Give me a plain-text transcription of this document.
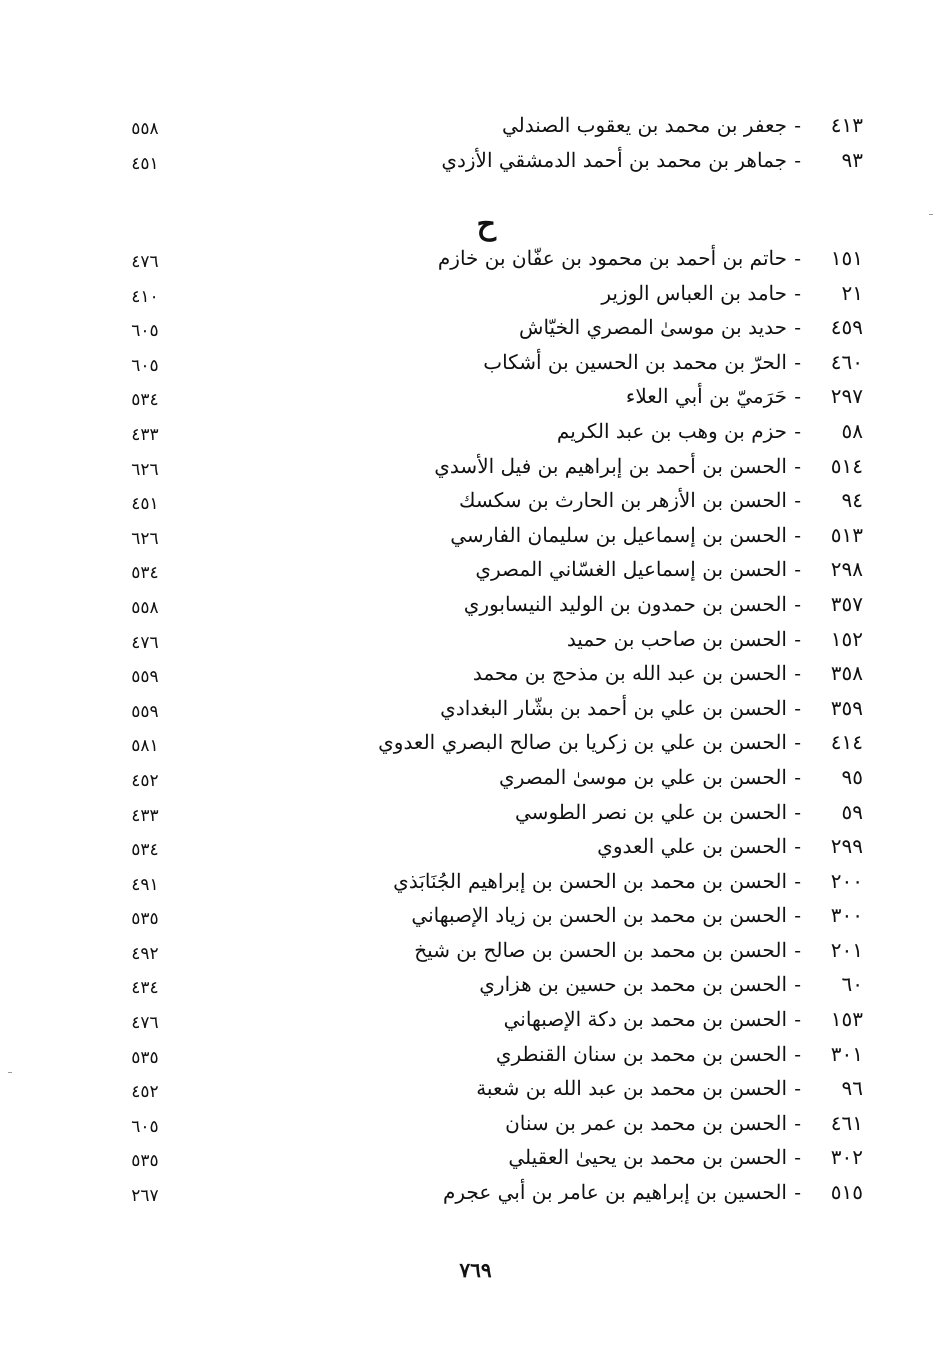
٤١٣
-
جعفر بن محمد بن يعقوب الصندلي
٥٥٨
٩٣
-
جماهر بن محمد بن أحمد الدمشقي الأزدي
٤٥١
ح
١٥١
-
حاتم بن أحمد بن محمود بن عفّان بن خازم
٤٧٦
٢١
-
حامد بن العباس الوزير
٤١٠
٤٥٩
-
حديد بن موسىٰ المصري الخيّاش
٦٠٥
٤٦٠
-
الحرّ بن محمد بن الحسين بن أشكاب
٦٠٥
٢٩٧
-
حَرَميّ بن أبي العلاء
٥٣٤
٥٨
-
حزم بن وهب بن عبد الكريم
٤٣٣
٥١٤
-
الحسن بن أحمد بن إبراهيم بن فيل الأسدي
٦٢٦
٩٤
-
الحسن بن الأزهر بن الحارث بن سكسك
٤٥١
٥١٣
-
الحسن بن إسماعيل بن سليمان الفارسي
٦٢٦
٢٩٨
-
الحسن بن إسماعيل الغسّاني المصري
٥٣٤
٣٥٧
-
الحسن بن حمدون بن الوليد النيسابوري
٥٥٨
١٥٢
-
الحسن بن صاحب بن حميد
٤٧٦
٣٥٨
-
الحسن بن عبد الله بن مذحج بن محمد
٥٥٩
٣٥٩
-
الحسن بن علي بن أحمد بن بشّار البغدادي
٥٥٩
٤١٤
-
الحسن بن علي بن زكريا بن صالح البصري العدوي
٥٨١
٩٥
-
الحسن بن علي بن موسىٰ المصري
٤٥٢
٥٩
-
الحسن بن علي بن نصر الطوسي
٤٣٣
٢٩٩
-
الحسن بن علي العدوي
٥٣٤
٢٠٠
-
الحسن بن محمد بن الحسن بن إبراهيم الجُنَابَذي
٤٩١
٣٠٠
-
الحسن بن محمد بن الحسن بن زياد الإصبهاني
٥٣٥
٢٠١
-
الحسن بن محمد بن الحسن بن صالح بن شيخ
٤٩٢
٦٠
-
الحسن بن محمد بن حسين بن هزاري
٤٣٤
١٥٣
-
الحسن بن محمد بن دكة الإصبهاني
٤٧٦
٣٠١
-
الحسن بن محمد بن سنان القنطري
٥٣٥
٩٦
-
الحسن بن محمد بن عبد الله بن شعبة
٤٥٢
٤٦١
-
الحسن بن محمد بن عمر بن سنان
٦٠٥
٣٠٢
-
الحسن بن محمد بن يحيىٰ العقيلي
٥٣٥
٥١٥
-
الحسين بن إبراهيم بن عامر بن أبي عجرم
٢٦٧
٧٦٩
